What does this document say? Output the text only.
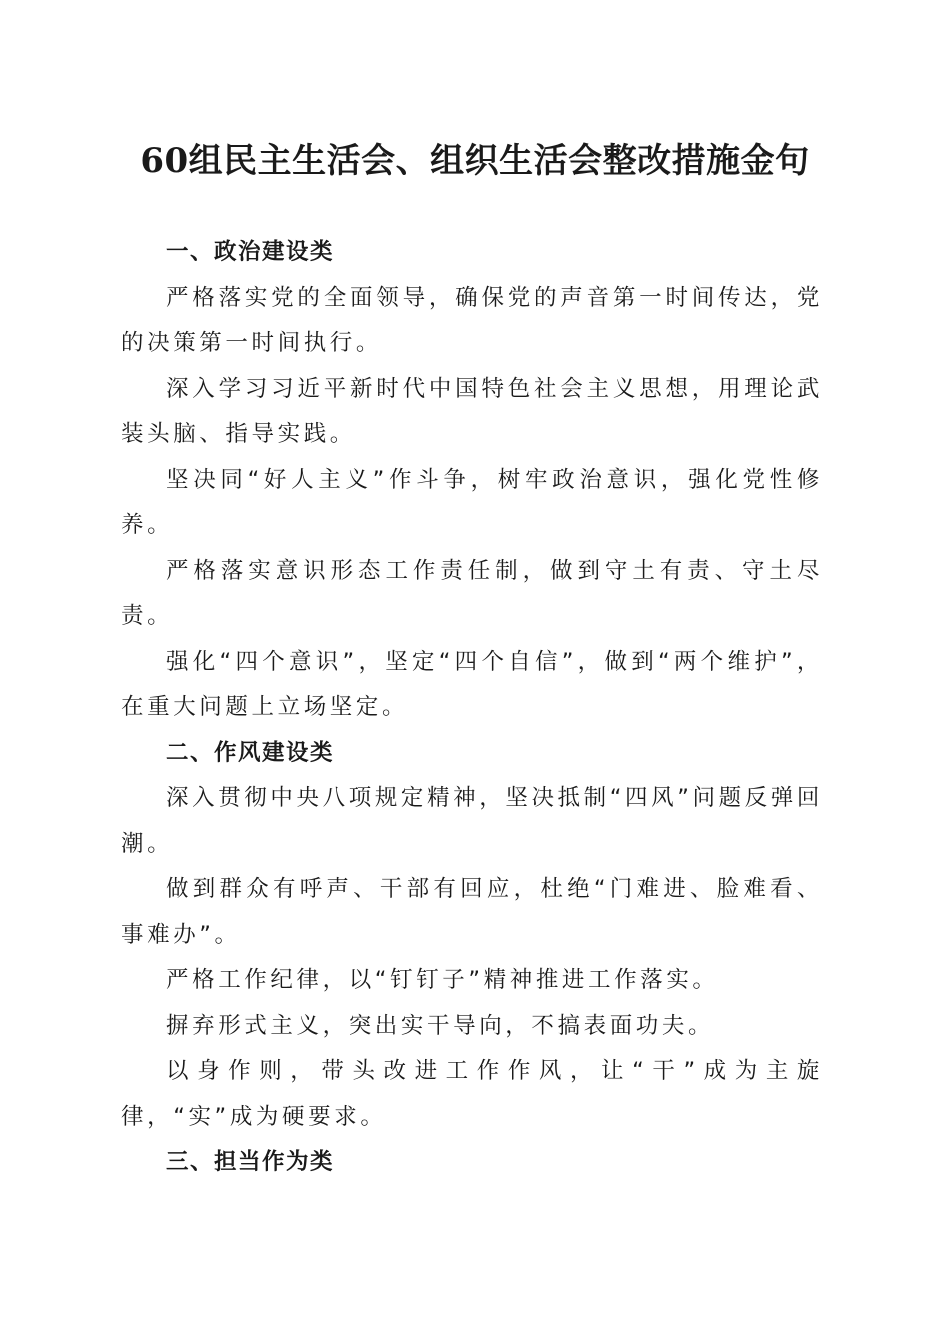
60组民主生活会、组织生活会整改措施金句
一、政治建设类

严格落实党的全面领导，确保党的声音第一时间传达，党的决策第一时间执行。

深入学习习近平新时代中国特色社会主义思想，用理论武装头脑、指导实践。

坚决同“好人主义”作斗争，树牢政治意识，强化党性修养。

严格落实意识形态工作责任制，做到守土有责、守土尽责。

强化“四个意识”，坚定“四个自信”，做到“两个维护”，在重大问题上立场坚定。

二、作风建设类

深入贯彻中央八项规定精神，坚决抵制“四风”问题反弹回潮。

做到群众有呼声、干部有回应，杜绝“门难进、脸难看、事难办”。

严格工作纪律，以“钉钉子”精神推进工作落实。

摒弃形式主义，突出实干导向，不搞表面功夫。

以身作则，带头改进工作作风，让“干”成为主旋律，“实”成为硬要求。

三、担当作为类
